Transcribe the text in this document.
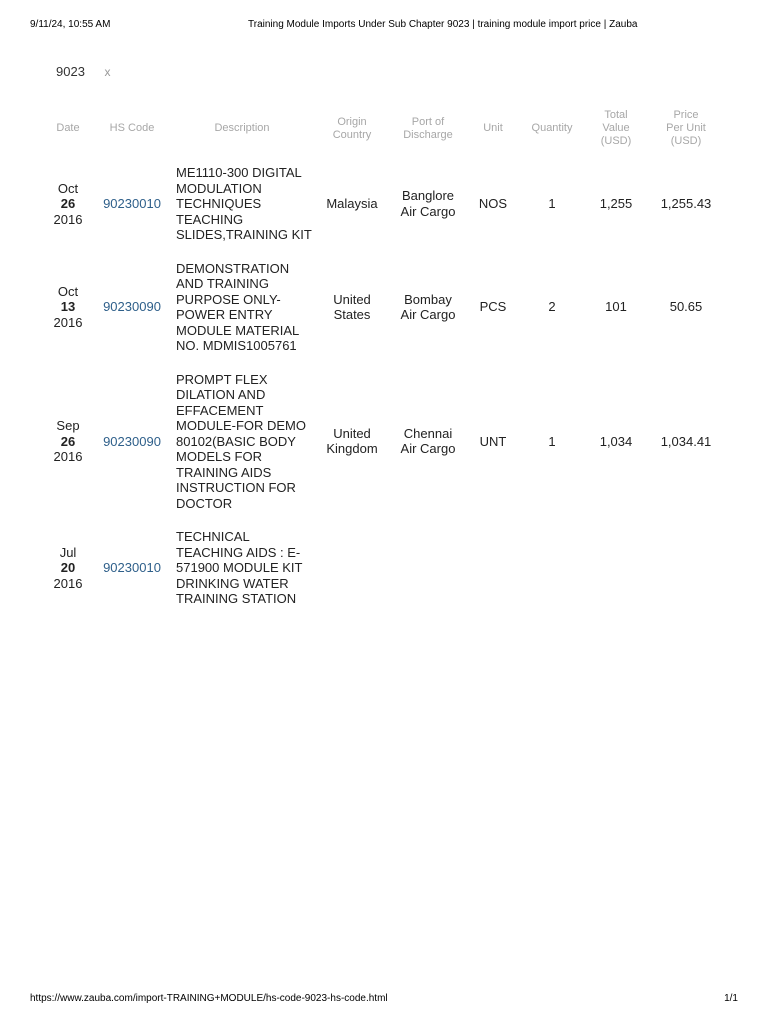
9/11/24, 10:55 AM	Training Module Imports Under Sub Chapter 9023 | training module import price | Zauba
9023 x
Date	HS Code	Description	Origin
Country	Port of
Discharge	Unit	Quantity	Total
Value
(USD)	Price
Per Unit
(USD)

Oct
26
2016	90230010	ME1110-300 DIGITAL MODULATION TECHNIQUES TEACHING SLIDES,TRAINING KIT	Malaysia	Banglore
Air Cargo	NOS	1	1,255	1,255.43

Oct
13
2016	90230090	DEMONSTRATION AND TRAINING PURPOSE ONLY-POWER ENTRY MODULE MATERIAL NO. MDMIS1005761	United
States	Bombay
Air Cargo	PCS	2	101	50.65

Sep
26
2016	90230090	PROMPT FLEX DILATION AND EFFACEMENT MODULE-FOR DEMO 80102(BASIC BODY MODELS FOR TRAINING AIDS INSTRUCTION FOR DOCTOR	United
Kingdom	Chennai
Air Cargo	UNT	1	1,034	1,034.41

Jul
20
2016	90230010	TECHNICAL TEACHING AIDS : E-571900 MODULE KIT DRINKING WATER TRAINING STATION	

https://www.zauba.com/import-TRAINING+MODULE/hs-code-9023-hs-code.html	1/1
